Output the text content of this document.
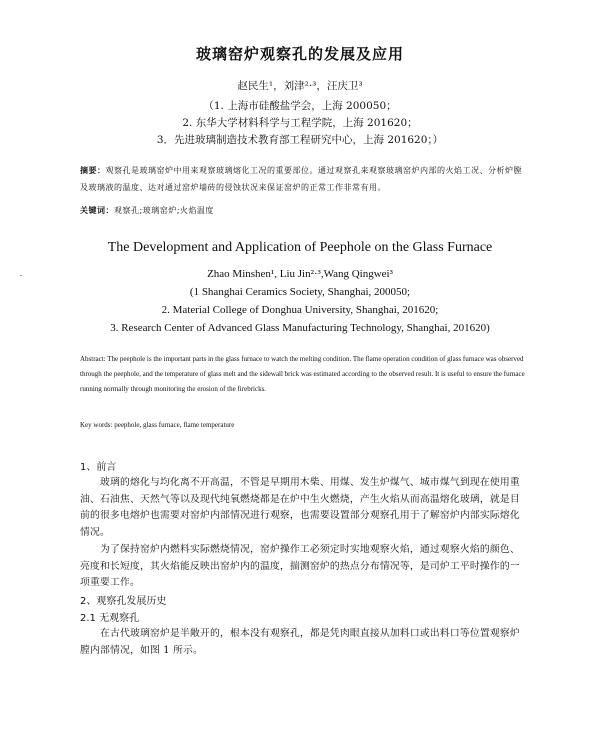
玻璃窑炉观察孔的发展及应用
赵民生¹，刘津²·³，汪庆卫³
（1. 上海市硅酸盐学会，上海 200050；
2. 东华大学材料科学与工程学院，上海 201620；
3．先进玻璃制造技术教育部工程研究中心，上海 201620；）
摘要：观察孔是玻璃窑炉中用来观察玻璃熔化工况的重要部位。通过观察孔来观察玻璃窑炉内部的火焰工况、分析炉膛及玻璃液的温度、达对通过窑炉墙砖的侵蚀状况来保证窑炉的正常工作非常有用。
关键词：观察孔;玻璃窑炉;火焰温度
The Development and Application of Peephole on the Glass Furnace
Zhao Minshen¹, Liu Jin²·³,Wang Qingwei³
(1 Shanghai Ceramics Society, Shanghai, 200050;
2. Material College of Donghua University, Shanghai, 201620;
3. Research Center of Advanced Glass Manufacturing Technology, Shanghai, 201620)
Abstract: The peephole is the important parts in the glass furnace to watch the melting condition. The flame operation condition of glass furnace was observed through the peephole, and the temperature of glass melt and the sidewall brick was estimated according to the observed result. It is useful to ensure the furnace running normally through monitoring the erosion of the firebricks.
Key words: peephole, glass furnace, flame temperature
1、前言
玻璃的熔化与均化离不开高温，不管是早期用木柴、用煤、发生炉煤气、城市煤气到现在使用重油、石油焦、天然气等以及现代纯氧燃烧都是在炉中生火燃烧，产生火焰从而高温熔化玻璃，就是目前的很多电熔炉也需要对窑炉内部情况进行观察，也需要设置部分观察孔用于了解窑炉内部实际熔化情况。
为了保持窑炉内燃料实际燃烧情况，窑炉操作工必须定时实地观察火焰，通过观察火焰的颜色、亮度和长短度，其火焰能反映出窑炉内的温度，揣测窑炉的热点分布情况等，是司炉工平时操作的一项重要工作。
2、观察孔发展历史
2.1 无观察孔
在古代玻璃窑炉是半敞开的，根本没有观察孔，都是凭肉眼直接从加料口或出料口等位置观察炉膛内部情况，如图 1 所示。
